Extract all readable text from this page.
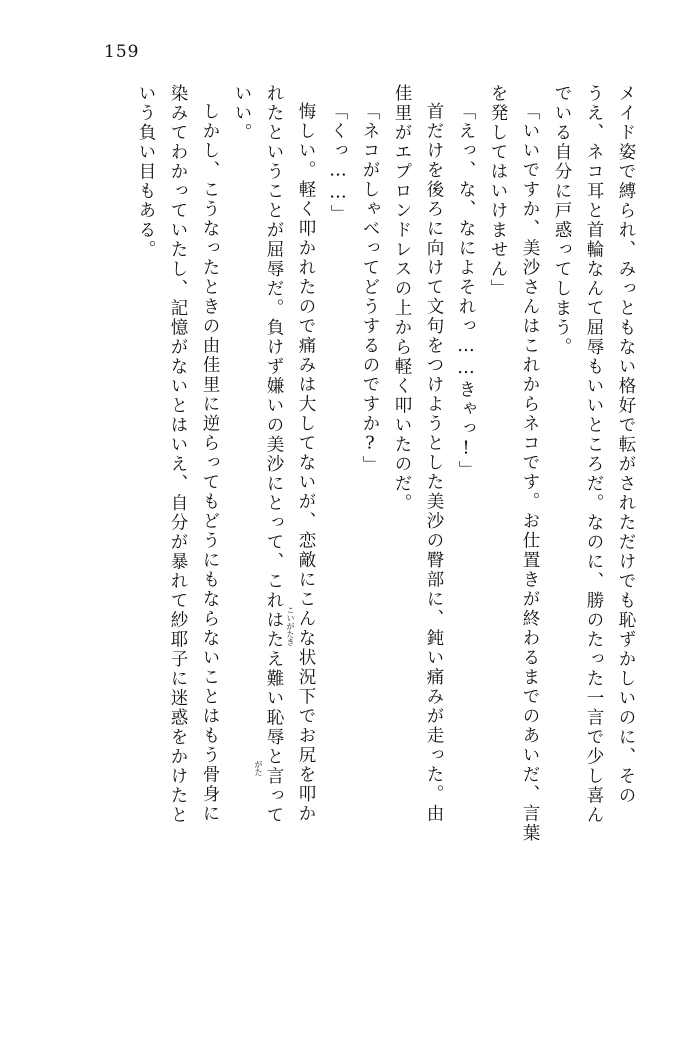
159
メイド姿で縛られ、みっともない格好で転がされただけでも恥ずかしいのに、その
うえ、ネコ耳と首輪なんて屈辱もいいところだ。なのに、勝のたった一言で少し喜ん
でいる自分に戸惑ってしまう。
「いいですか、美沙さんはこれからネコです。お仕置きが終わるまでのあいだ、言葉
を発してはいけません」
「えっ、な、なによそれっ……きゃっ!」
首だけを後ろに向けて文句をつけようとした美沙の臀部に、鈍い痛みが走った。由
佳里がエプロンドレスの上から軽く叩いたのだ。
「ネコがしゃべってどうするのですか?」
「くっ……」
悔しい。軽く叩かれたので痛みは大してないが、恋敵にこんな状況下でお尻を叩か
れたということが屈辱だ。負けず嫌いの美沙にとって、これはたえ難い恥辱と言って
いい。
しかし、こうなったときの由佳里に逆らってもどうにもならないことはもう骨身に
染みてわかっていたし、記憶がないとはいえ、自分が暴れて紗耶子に迷惑をかけたと
いう負い目もある。
こいがたき
がた
